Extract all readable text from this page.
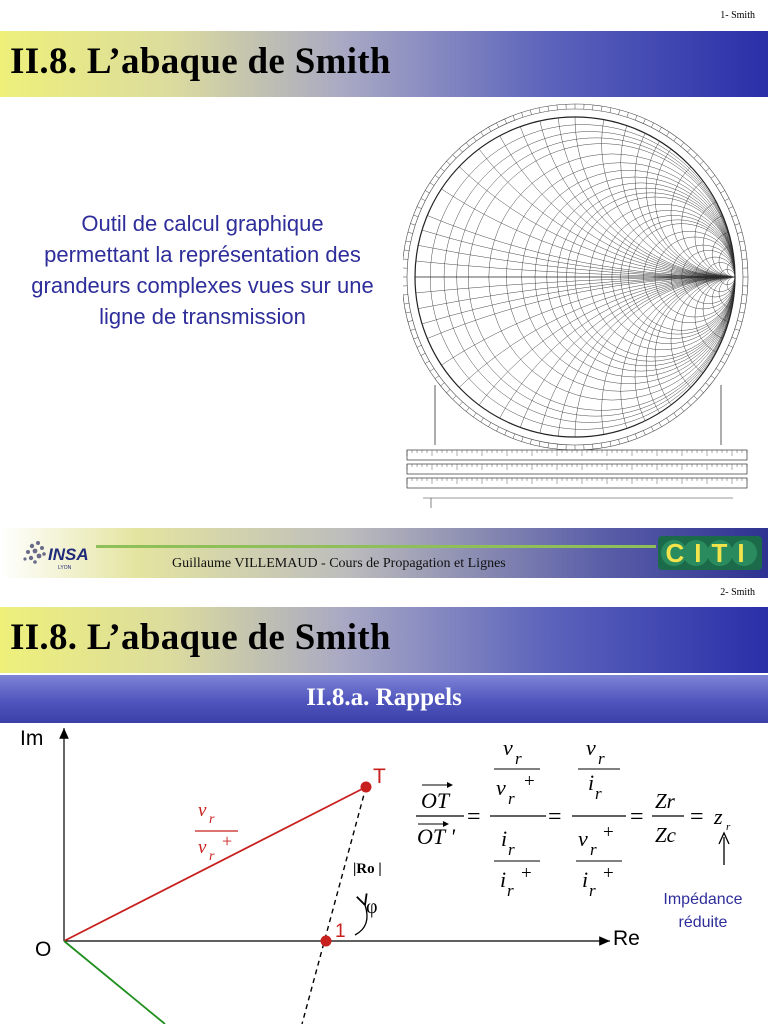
1- Smith
II.8. L’abaque de Smith
Outil de calcul graphique permettant la représentation des grandeurs complexes vues sur une ligne de transmission
INSA
LYON	Guillaume VILLEMAUD - Cours de Propagation et Lignes	CITI
2- Smith
II.8. L’abaque de Smith
II.8.a. Rappels
Im
Re
O
T
1
|Ro |
φ
v r
v r
+
OT
OT '
=
v r
v r
+
i r
i r
+
=
v r
i r
v r
+
i r
+
=
Zr
Zc
= z r
Impédance
réduite
